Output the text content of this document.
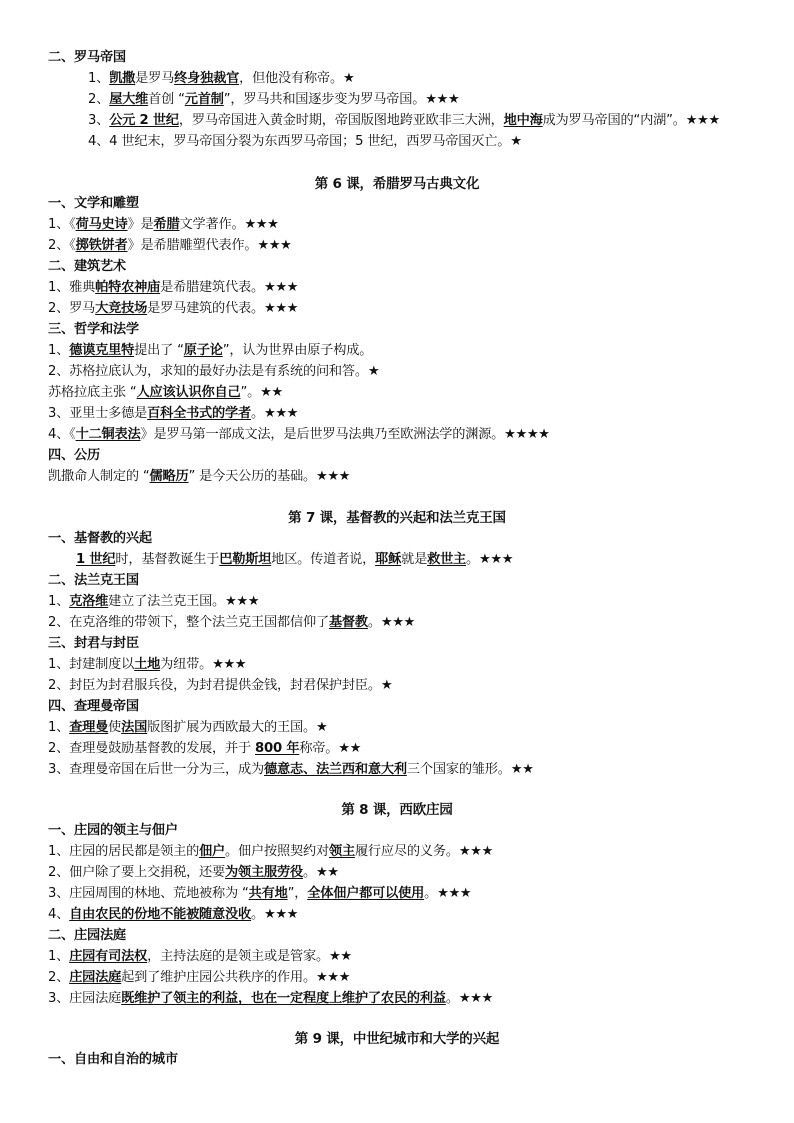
二、罗马帝国
1、凯撒是罗马终身独裁官，但他没有称帝。★
2、屋大维首创 “元首制”，罗马共和国逐步变为罗马帝国。★★★
3、公元 2 世纪，罗马帝国进入黄金时期，帝国版图地跨亚欧非三大洲，地中海成为罗马帝国的“内湖”。★★★
4、4 世纪末，罗马帝国分裂为东西罗马帝国；5 世纪，西罗马帝国灭亡。★
第 6 课，希腊罗马古典文化
一、文学和雕塑
1、《荷马史诗》是希腊文学著作。★★★
2、《掷铁饼者》是希腊雕塑代表作。★★★
二、建筑艺术
1、雅典帕特农神庙是希腊建筑代表。★★★
2、罗马大竞技场是罗马建筑的代表。★★★
三、哲学和法学
1、德谟克里特提出了 “原子论”，认为世界由原子构成。
2、苏格拉底认为，求知的最好办法是有系统的问和答。★
苏格拉底主张 “人应该认识你自己”。★★
3、亚里士多德是百科全书式的学者。★★★
4、《十二铜表法》是罗马第一部成文法，是后世罗马法典乃至欧洲法学的渊源。★★★★
四、公历
凯撒命人制定的 “儒略历” 是今天公历的基础。★★★
第 7 课，基督教的兴起和法兰克王国
一、基督教的兴起
1 世纪时，基督教诞生于巴勒斯坦地区。传道者说，耶稣就是救世主。★★★
二、法兰克王国
1、克洛维建立了法兰克王国。★★★
2、在克洛维的带领下，整个法兰克王国都信仰了基督教。★★★
三、封君与封臣
1、封建制度以土地为纽带。★★★
2、封臣为封君服兵役，为封君提供金钱，封君保护封臣。★
四、查理曼帝国
1、查理曼使法国版图扩展为西欧最大的王国。★
2、查理曼鼓励基督教的发展，并于 800 年称帝。★★
3、查理曼帝国在后世一分为三，成为德意志、法兰西和意大利三个国家的雏形。★★
第 8 课，西欧庄园
一、庄园的领主与佃户
1、庄园的居民都是领主的佃户。佃户按照契约对领主履行应尽的义务。★★★
2、佃户除了要上交捐税，还要为领主服劳役。★★
3、庄园周围的林地、荒地被称为 “共有地”，全体佃户都可以使用。★★★
4、自由农民的份地不能被随意没收。★★★
二、庄园法庭
1、庄园有司法权，主持法庭的是领主或是管家。★★
2、庄园法庭起到了维护庄园公共秩序的作用。★★★
3、庄园法庭既维护了领主的利益，也在一定程度上维护了农民的利益。★★★
第 9 课，中世纪城市和大学的兴起
一、自由和自治的城市
